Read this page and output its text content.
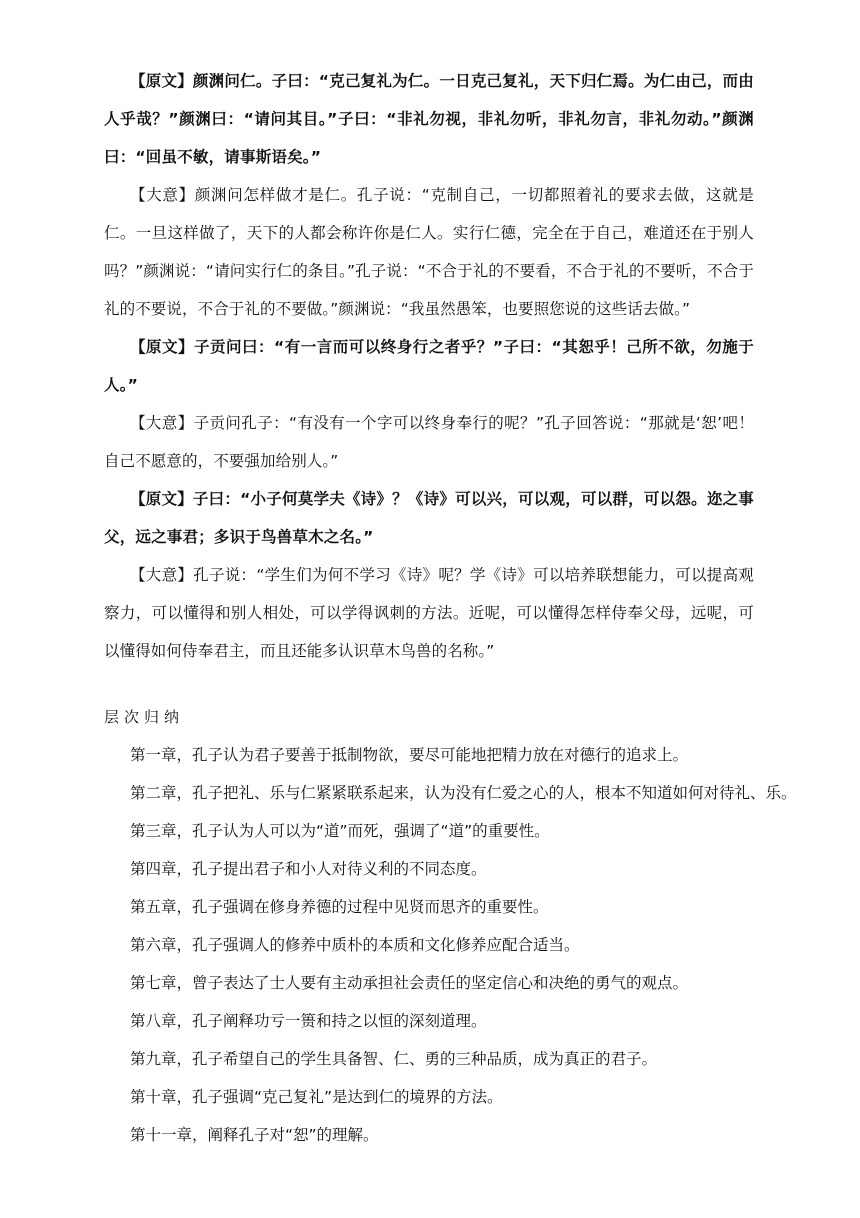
【原文】颜渊问仁。子曰：“克己复礼为仁。一日克己复礼，天下归仁焉。为仁由己，而由人乎哉？”颜渊曰：“请问其目。”子曰：“非礼勿视，非礼勿听，非礼勿言，非礼勿动。”颜渊曰：“回虽不敏，请事斯语矣。”

【大意】颜渊问怎样做才是仁。孔子说：“克制自己，一切都照着礼的要求去做，这就是仁。一旦这样做了，天下的人都会称许你是仁人。实行仁德，完全在于自己，难道还在于别人吗？”颜渊说：“请问实行仁的条目。”孔子说：“不合于礼的不要看，不合于礼的不要听，不合于礼的不要说，不合于礼的不要做。”颜渊说：“我虽然愚笨，也要照您说的这些话去做。”

【原文】子贡问曰：“有一言而可以终身行之者乎？”子曰：“其恕乎！己所不欲，勿施于人。”

【大意】子贡问孔子：“有没有一个字可以终身奉行的呢？”孔子回答说：“那就是‘恕’吧！自己不愿意的，不要强加给别人。”

【原文】子曰：“小子何莫学夫《诗》？《诗》可以兴，可以观，可以群，可以怨。迩之事父，远之事君；多识于鸟兽草木之名。”

【大意】孔子说：“学生们为何不学习《诗》呢？学《诗》可以培养联想能力，可以提高观察力，可以懂得和别人相处，可以学得讽刺的方法。近呢，可以懂得怎样侍奉父母，远呢，可以懂得如何侍奉君主，而且还能多认识草木鸟兽的名称。”

层次归纳
第一章，孔子认为君子要善于抵制物欲，要尽可能地把精力放在对德行的追求上。
第二章，孔子把礼、乐与仁紧紧联系起来，认为没有仁爱之心的人，根本不知道如何对待礼、乐。
第三章，孔子认为人可以为“道”而死，强调了“道”的重要性。
第四章，孔子提出君子和小人对待义利的不同态度。
第五章，孔子强调在修身养德的过程中见贤而思齐的重要性。
第六章，孔子强调人的修养中质朴的本质和文化修养应配合适当。
第七章，曾子表达了士人要有主动承担社会责任的坚定信心和决绝的勇气的观点。
第八章，孔子阐释功亏一篑和持之以恒的深刻道理。
第九章，孔子希望自己的学生具备智、仁、勇的三种品质，成为真正的君子。
第十章，孔子强调“克己复礼”是达到仁的境界的方法。
第十一章，阐释孔子对“恕”的理解。
